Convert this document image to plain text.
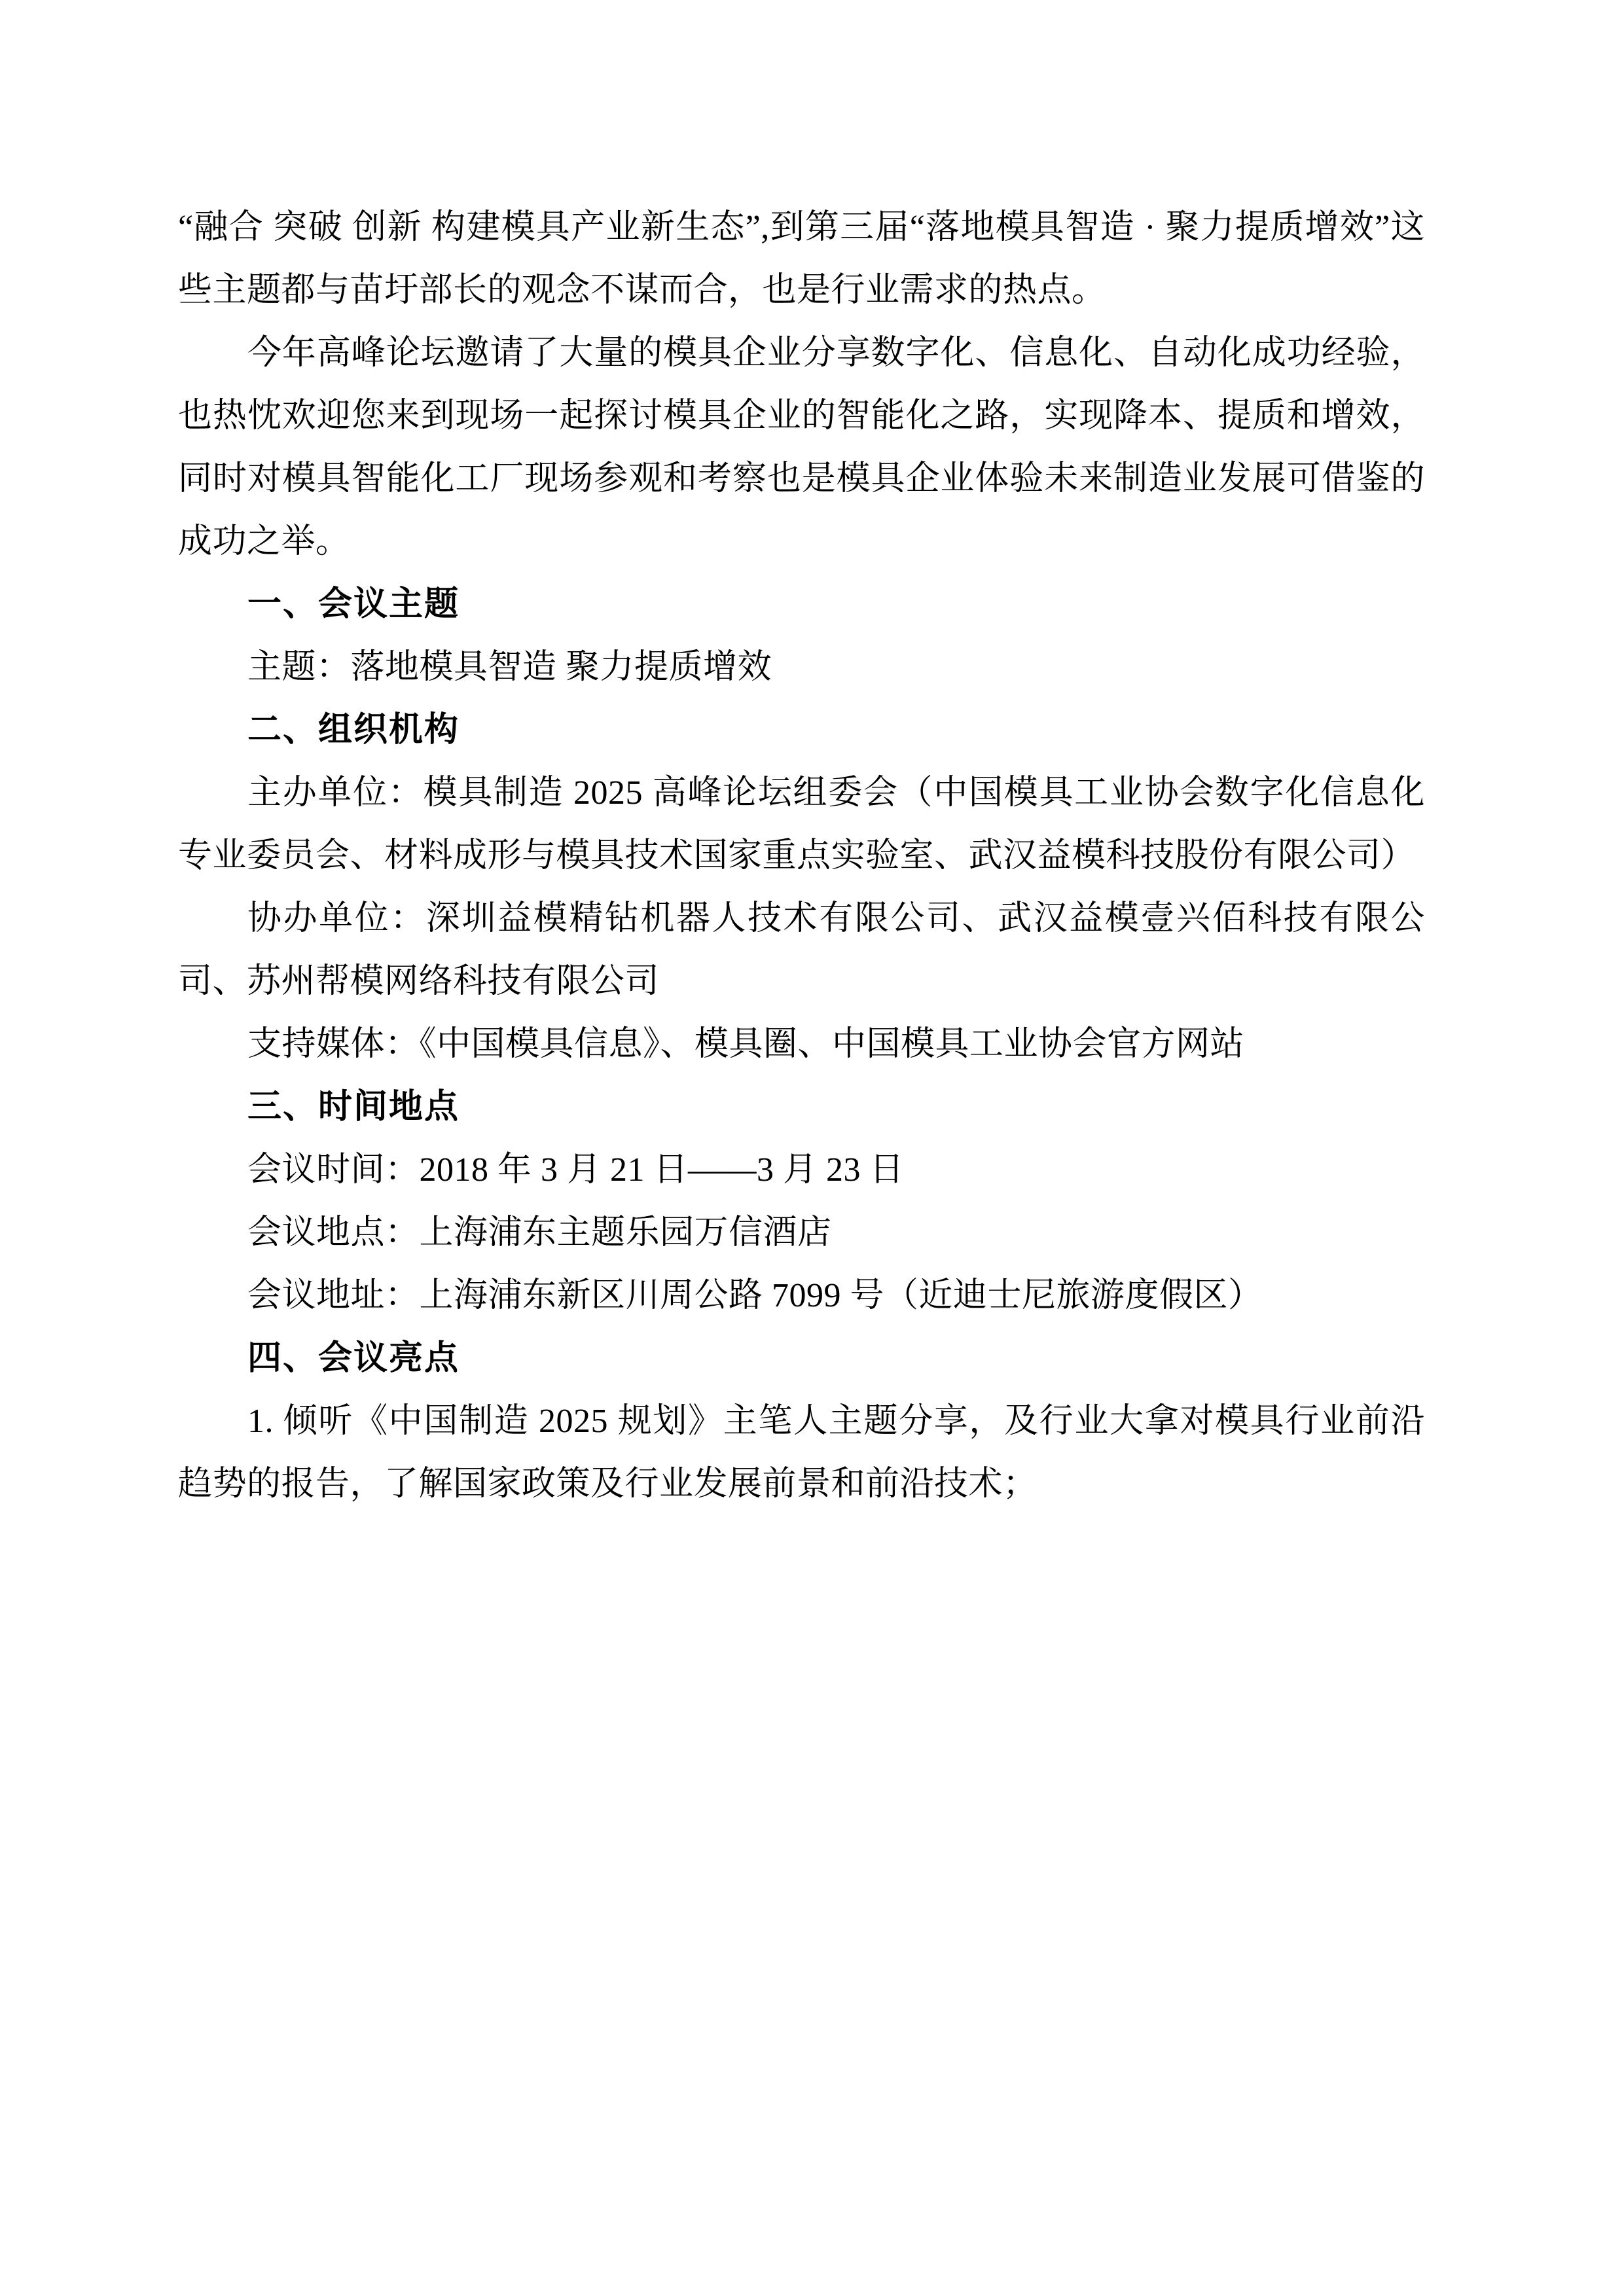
“融合 突破 创新 构建模具产业新生态”,到第三届“落地模具智造 · 聚力提质增效”这些主题都与苗圩部长的观念不谋而合，也是行业需求的热点。

今年高峰论坛邀请了大量的模具企业分享数字化、信息化、自动化成功经验，也热忱欢迎您来到现场一起探讨模具企业的智能化之路，实现降本、提质和增效，同时对模具智能化工厂现场参观和考察也是模具企业体验未来制造业发展可借鉴的成功之举。

一、会议主题

主题：落地模具智造 聚力提质增效

二、组织机构

主办单位：模具制造 2025 高峰论坛组委会（中国模具工业协会数字化信息化专业委员会、材料成形与模具技术国家重点实验室、武汉益模科技股份有限公司）

协办单位：深圳益模精钻机器人技术有限公司、武汉益模壹兴佰科技有限公司、苏州帮模网络科技有限公司

支持媒体：《中国模具信息》、模具圈、中国模具工业协会官方网站

三、时间地点

会议时间：2018 年 3 月 21 日——3 月 23 日

会议地点：上海浦东主题乐园万信酒店

会议地址：上海浦东新区川周公路 7099 号（近迪士尼旅游度假区）

四、会议亮点

1. 倾听《中国制造 2025 规划》主笔人主题分享，及行业大拿对模具行业前沿趋势的报告，了解国家政策及行业发展前景和前沿技术；
